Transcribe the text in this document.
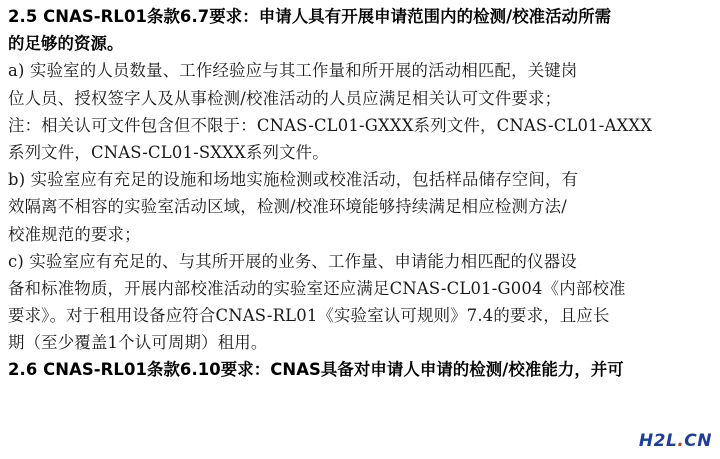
2.5 CNAS-RL01条款6.7要求：申请人具有开展申请范围内的检测/校准活动所需
的足够的资源。
a) 实验室的人员数量、工作经验应与其工作量和所开展的活动相匹配，关键岗
位人员、授权签字人及从事检测/校准活动的人员应满足相关认可文件要求；
注：相关认可文件包含但不限于：CNAS-CL01-GXXX系列文件，CNAS-CL01-AXXX
系列文件，CNAS-CL01-SXXX系列文件。
b) 实验室应有充足的设施和场地实施检测或校准活动，包括样品储存空间，有
效隔离不相容的实验室活动区域，检测/校准环境能够持续满足相应检测方法/
校准规范的要求；
c) 实验室应有充足的、与其所开展的业务、工作量、申请能力相匹配的仪器设
备和标准物质，开展内部校准活动的实验室还应满足CNAS-CL01-G004《内部校准
要求》。对于租用设备应符合CNAS-RL01《实验室认可规则》7.4的要求，且应长
期（至少覆盖1个认可周期）租用。
2.6 CNAS-RL01条款6.10要求：CNAS具备对申请人申请的检测/校准能力，并可
H2L.CN
